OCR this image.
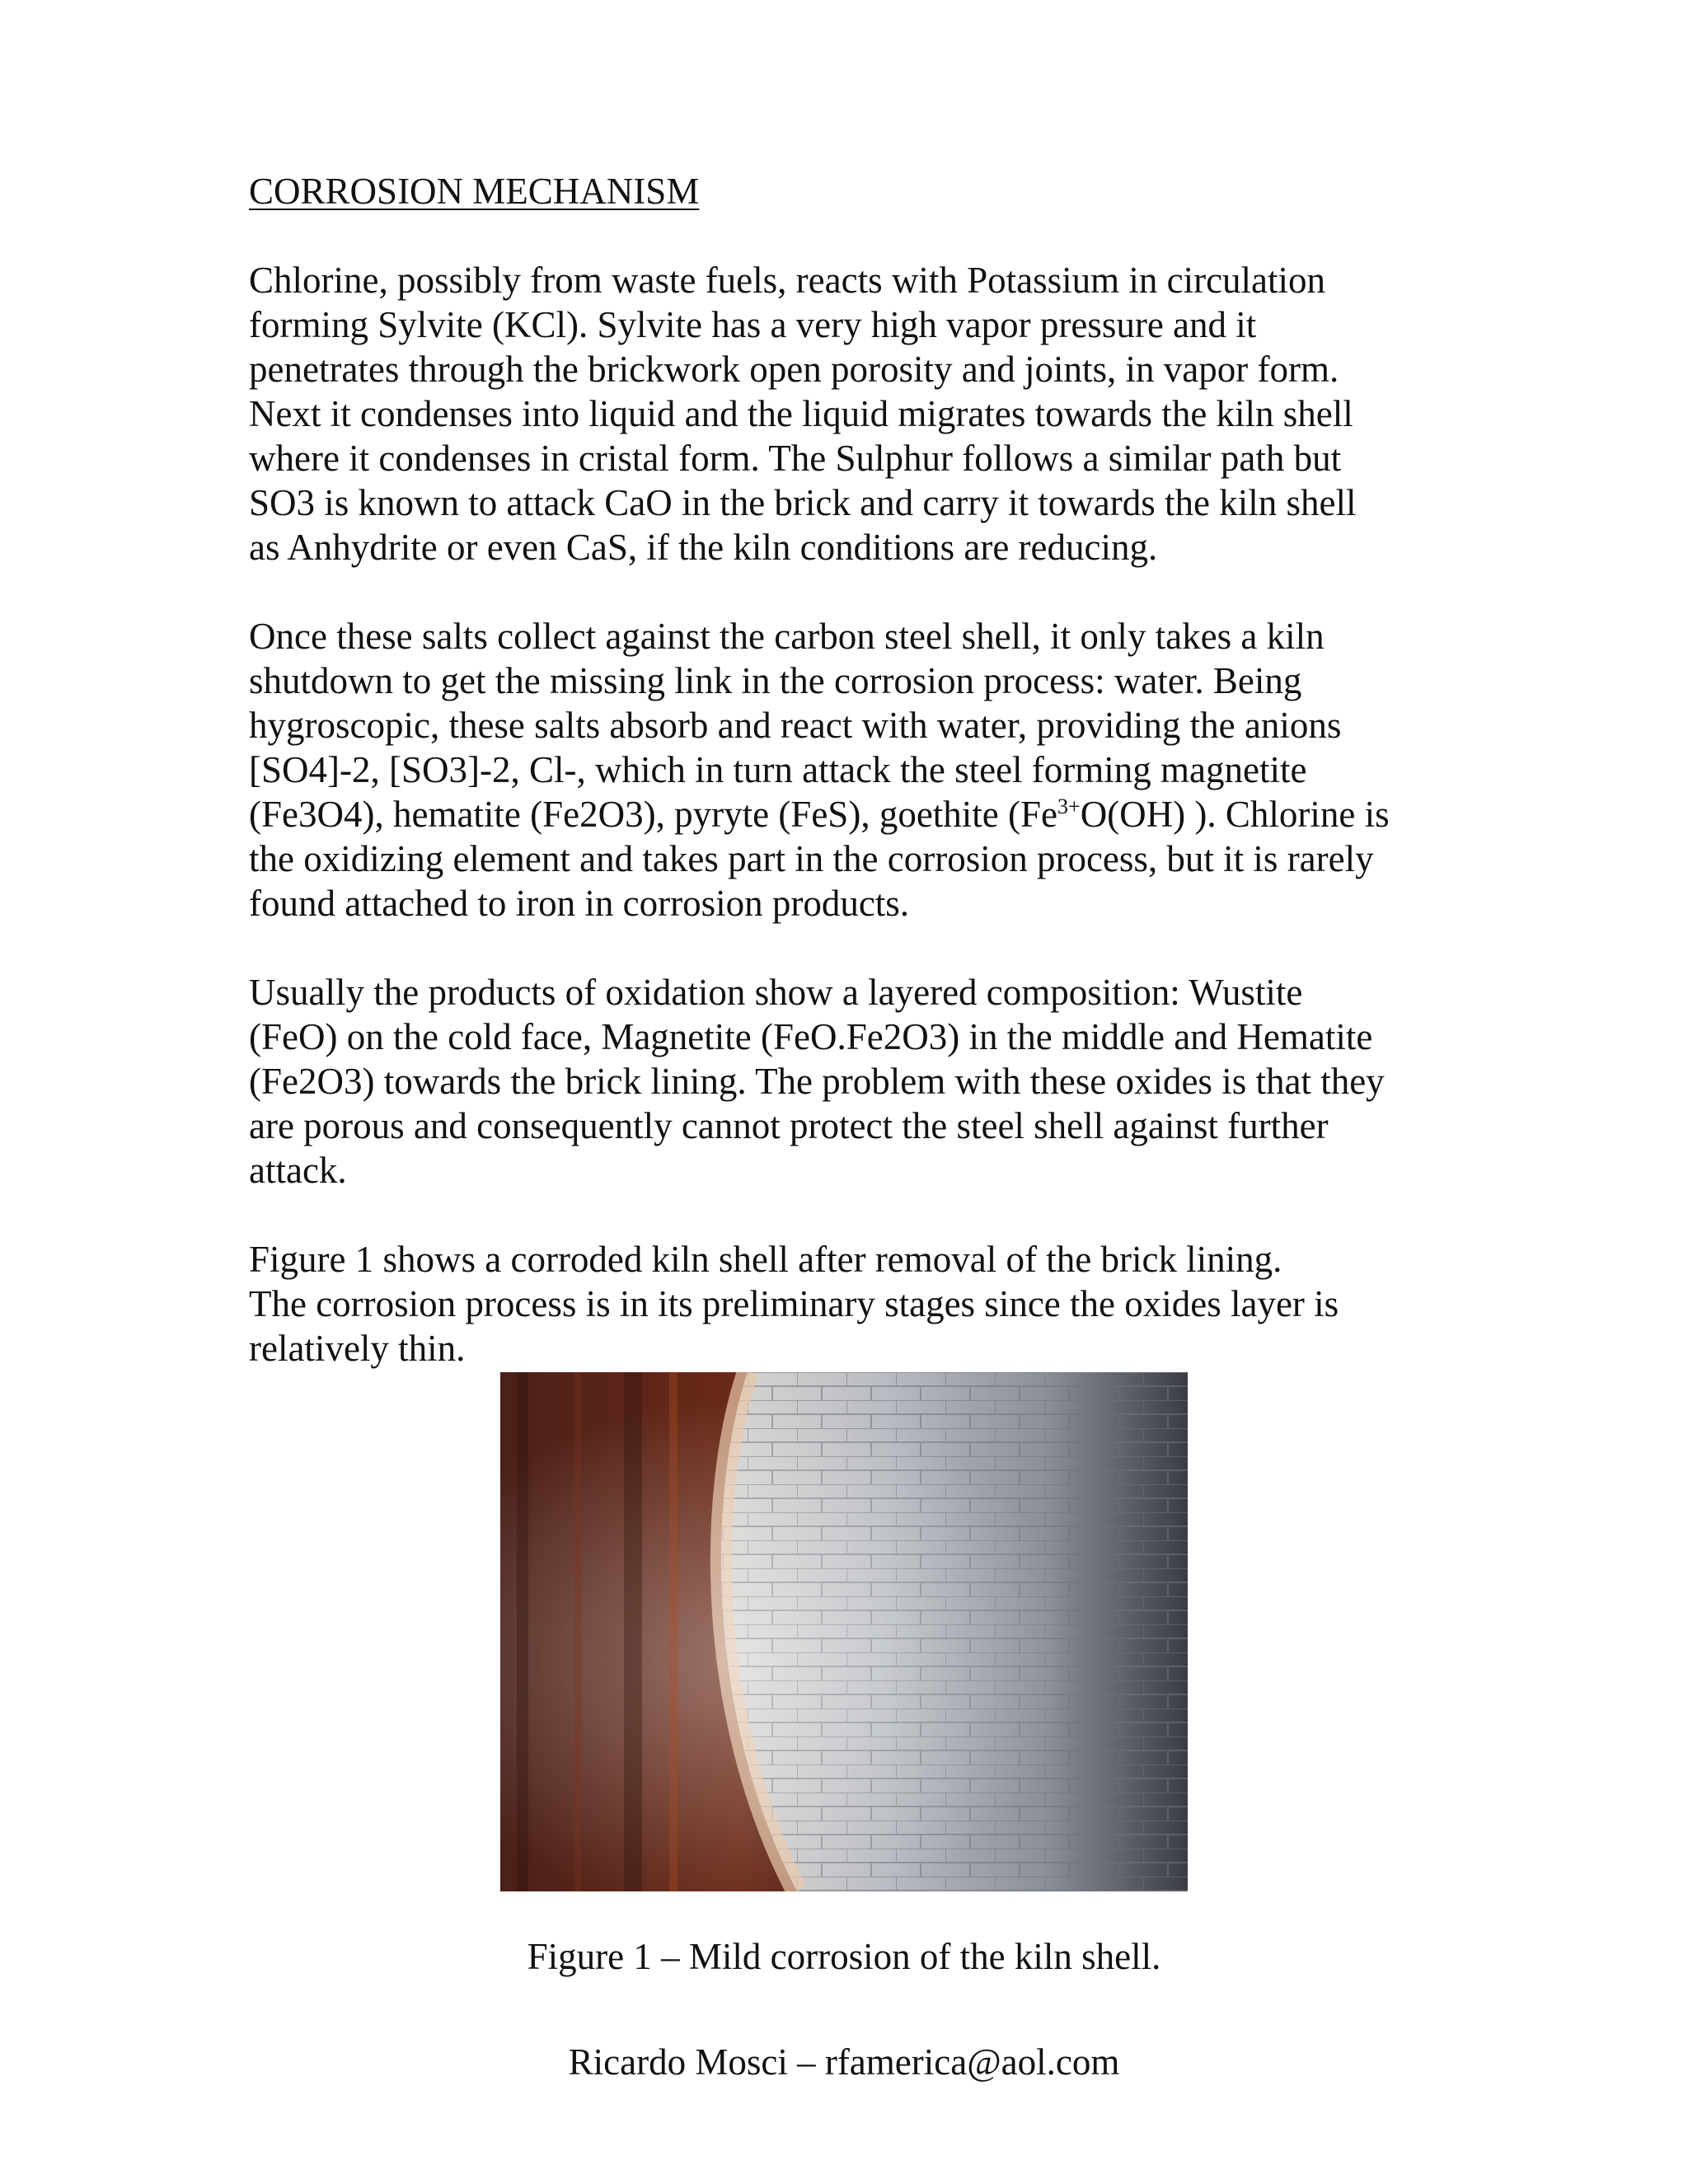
CORROSION MECHANISM

Chlorine, possibly from waste fuels, reacts with Potassium in circulation
forming Sylvite (KCl). Sylvite has a very high vapor pressure and it
penetrates through the brickwork open porosity and joints, in vapor form.
Next it condenses into liquid and the liquid migrates towards the kiln shell
where it condenses in cristal form. The Sulphur follows a similar path but
SO3 is known to attack CaO in the brick and carry it towards the kiln shell
as Anhydrite or even CaS, if the kiln conditions are reducing.

Once these salts collect against the carbon steel shell, it only takes a kiln
shutdown to get the missing link in the corrosion process: water. Being
hygroscopic, these salts absorb and react with water, providing the anions
[SO4]-2, [SO3]-2, Cl-, which in turn attack the steel forming magnetite
(Fe3O4), hematite (Fe2O3), pyryte (FeS), goethite ($Fe^{3+}O(OH)$ ). Chlorine is
the oxidizing element and takes part in the corrosion process, but it is rarely
found attached to iron in corrosion products.

Usually the products of oxidation show a layered composition: Wustite
(FeO) on the cold face, Magnetite (FeO.Fe2O3) in the middle and Hematite
(Fe2O3) towards the brick lining. The problem with these oxides is that they
are porous and consequently cannot protect the steel shell against further
attack.

Figure 1 shows a corroded kiln shell after removal of the brick lining.
The corrosion process is in its preliminary stages since the oxides layer is
relatively thin.

Figure 1 – Mild corrosion of the kiln shell.
Ricardo Mosci – rfamerica@aol.com
